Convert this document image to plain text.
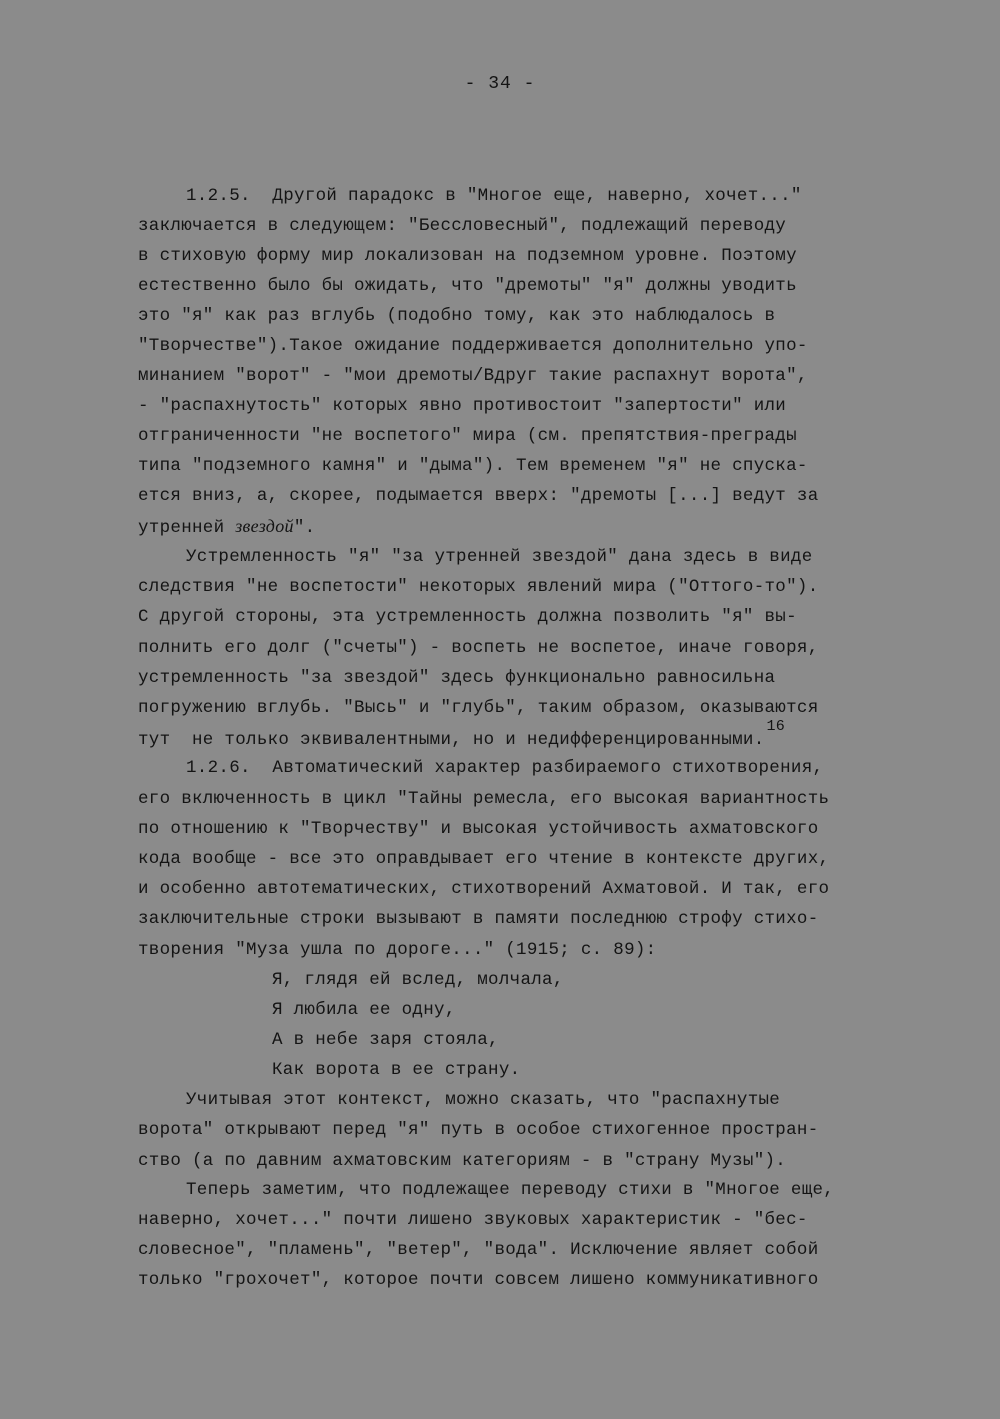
- 34 -
1.2.5.  Другой парадокс в "Многое еще, наверно, хочет..."
заключается в следующем: "Бессловесный", подлежащий переводу
в стиховую форму мир локализован на подземном уровне. Поэтому
естественно было бы ожидать, что "дремоты" "я" должны уводить
это "я" как раз вглубь (подобно тому, как это наблюдалось в
"Творчестве").Такое ожидание поддерживается дополнительно упо-
минанием "ворот" - "мои дремоты/Вдруг такие распахнут ворота",
- "распахнутость" которых явно противостоит "запертости" или
отграниченности "не воспетого" мира (см. препятствия-преграды
типа "подземного камня" и "дыма"). Тем временем "я" не спуска-
ется вниз, а, скорее, подымается вверх: "дремоты [...] ведут за
утренней звездой".
Устремленность "я" "за утренней звездой" дана здесь в виде
следствия "не воспетости" некоторых явлений мира ("Оттого-то").
С другой стороны, эта устремленность должна позволить "я" вы-
полнить его долг ("счеты") - воспеть не воспетое, иначе говоря,
устремленность "за звездой" здесь функционально равносильна
погружению вглубь. "Высь" и "глубь", таким образом, оказываются
тут  не только эквивалентными, но и недифференцированными.16
1.2.6.  Автоматический характер разбираемого стихотворения,
его включенность в цикл "Тайны ремесла, его высокая вариантность
по отношению к "Творчеству" и высокая устойчивость ахматовского
кода вообще - все это оправдывает его чтение в контексте других,
и особенно автотематических, стихотворений Ахматовой. И так, его
заключительные строки вызывают в памяти последнюю строфу стихо-
творения "Муза ушла по дороге..." (1915; с. 89):
Я, глядя ей вслед, молчала,
Я любила ее одну,
А в небе заря стояла,
Как ворота в ее страну.
Учитывая этот контекст, можно сказать, что "распахнутые
ворота" открывают перед "я" путь в особое стихогенное простран-
ство (а по давним ахматовским категориям - в "страну Музы").
Теперь заметим, что подлежащее переводу стихи в "Многое еще,
наверно, хочет..." почти лишено звуковых характеристик - "бес-
словесное", "пламень", "ветер", "вода". Исключение являет собой
только "грохочет", которое почти совсем лишено коммуникативного
